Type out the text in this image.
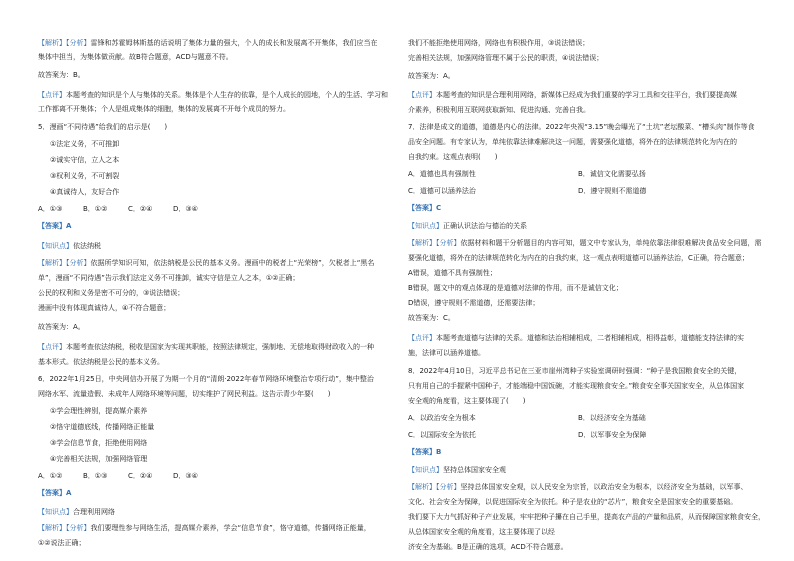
【解析】【分析】雷锋和苏霍姆林斯基的话说明了集体力量的强大，个人的成长和发展离不开集体，我们应当在
集体中担当，为集体做贡献。故B符合题意，ACD与题意不符。
故答案为：B。
【点评】本题考查的知识是个人与集体的关系。集体是个人生存的依靠，是个人成长的园地，个人的生活、学习和
工作都离不开集体；个人是组成集体的细胞，集体的发展离不开每个成员的努力。
5．漫画“不同待遇”给我们的启示是(　　)
①法定义务，不可推卸
②诚实守信，立人之本
③权利义务，不可割裂
④真诚待人，友好合作
A．①③	B．①②	C．②④	D．③④
【答案】A
【知识点】依法纳税
【解析】【分析】依据所学知识可知，依法纳税是公民的基本义务。漫画中的税者上“光荣榜”，欠税者上“黑名
单”，漫画“不同待遇”告示我们法定义务不可推卸，诚实守信是立人之本，①②正确；
公民的权利和义务是密不可分的，③说法错误；
漫画中没有体现真诚待人，④不符合题意；
故答案为：A。
【点评】本题考查依法纳税，税收是国家为实现其职能，按照法律规定，强制地、无偿地取得财政收入的一种
基本形式。依法纳税是公民的基本义务。
6．2022年1月25日，中央网信办开展了为期一个月的“清朗·2022年春节网络环境整治专项行动”，集中整治
网络水军、流量造假、未成年人网络环境等问题，切实维护了网民利益。这告示青少年要(　　)
①学会理性辨别，提高媒介素养
②恪守道德底线，传播网络正能量
③学会信息节食，拒绝使用网络
④完善相关法规，加强网络管理
A．①②	B．①③	C．②④	D．③④
【答案】A
【知识点】合理利用网络
【解析】【分析】我们要理性参与网络生活，提高媒介素养，学会“信息节食”，恪守道德，传播网络正能量，
①②说法正确；
我们不能拒绝使用网络，网络也有积极作用，③说法错误；
完善相关法规，加强网络管理不属于公民的职责，④说法错误；
故答案为：A。
【点评】本题考查的知识是合理利用网络，新媒体已经成为我们重要的学习工具和交往平台，我们要提高媒
介素养，积极利用互联网获取新知、促进沟通、完善自我。
7．法律是成文的道德，道德是内心的法律。2022年央视“3.15”晚会曝光了“土坑”老坛酸菜、“槽头肉”制作等食
品安全问题。有专家认为，单纯依靠法律难解决这一问题，需要强化道德，将外在的法律规范转化为内在的
自我约束。这观点表明(　　)
A．道德也具有强制性	B．诚信文化需要弘扬
C．道德可以涵养法治	D．遵守规则不需道德
【答案】C
【知识点】正确认识法治与德治的关系
【解析】【分析】依据材料和题干分析题目的内容可知，题文中专家认为，单纯依靠法律很难解决食品安全问题，需
要强化道德，将外在的法律规范转化为内在的自我约束，这一观点表明道德可以涵养法治，C正确，符合题意；
A错误，道德不具有强制性；
B错误，题文中的观点体现的是道德对法律的作用，而不是诚信文化；
D错误，遵守规则不需道德，还需要法律；
故答案为：C。
【点评】本题考查道德与法律的关系。道德和法治相辅相成，二者相辅相成，相得益彰，道德能支持法律的实
施，法律可以涵养道德。
8．2022年4月10日，习近平总书记在三亚市崖州湾种子实验室调研时强调：“种子是我国粮食安全的关键，
只有用自己的手握紧中国种子，才能端稳中国饭碗，才能实现粮食安全。”粮食安全事关国家安全，从总体国家
安全观的角度看，这主要体现了(　　)
A．以政治安全为根本	B．以经济安全为基础
C．以国际安全为依托	D．以军事安全为保障
【答案】B
【知识点】坚持总体国家安全观
【解析】【分析】坚持总体国家安全观，以人民安全为宗旨，以政治安全为根本，以经济安全为基础，以军事、
文化、社会安全为保障，以促进国际安全为依托。种子是农业的“芯片”，粮食安全是国家安全的重要基础。
我们要下大力气抓好种子产业发展，牢牢把种子攥在自己手里，提高农产品的产量和品质，从而保障国家粮食安全，从总体国家安全观的角度看，这主要体现了以经
济安全为基础。B是正确的选项，ACD不符合题意。
